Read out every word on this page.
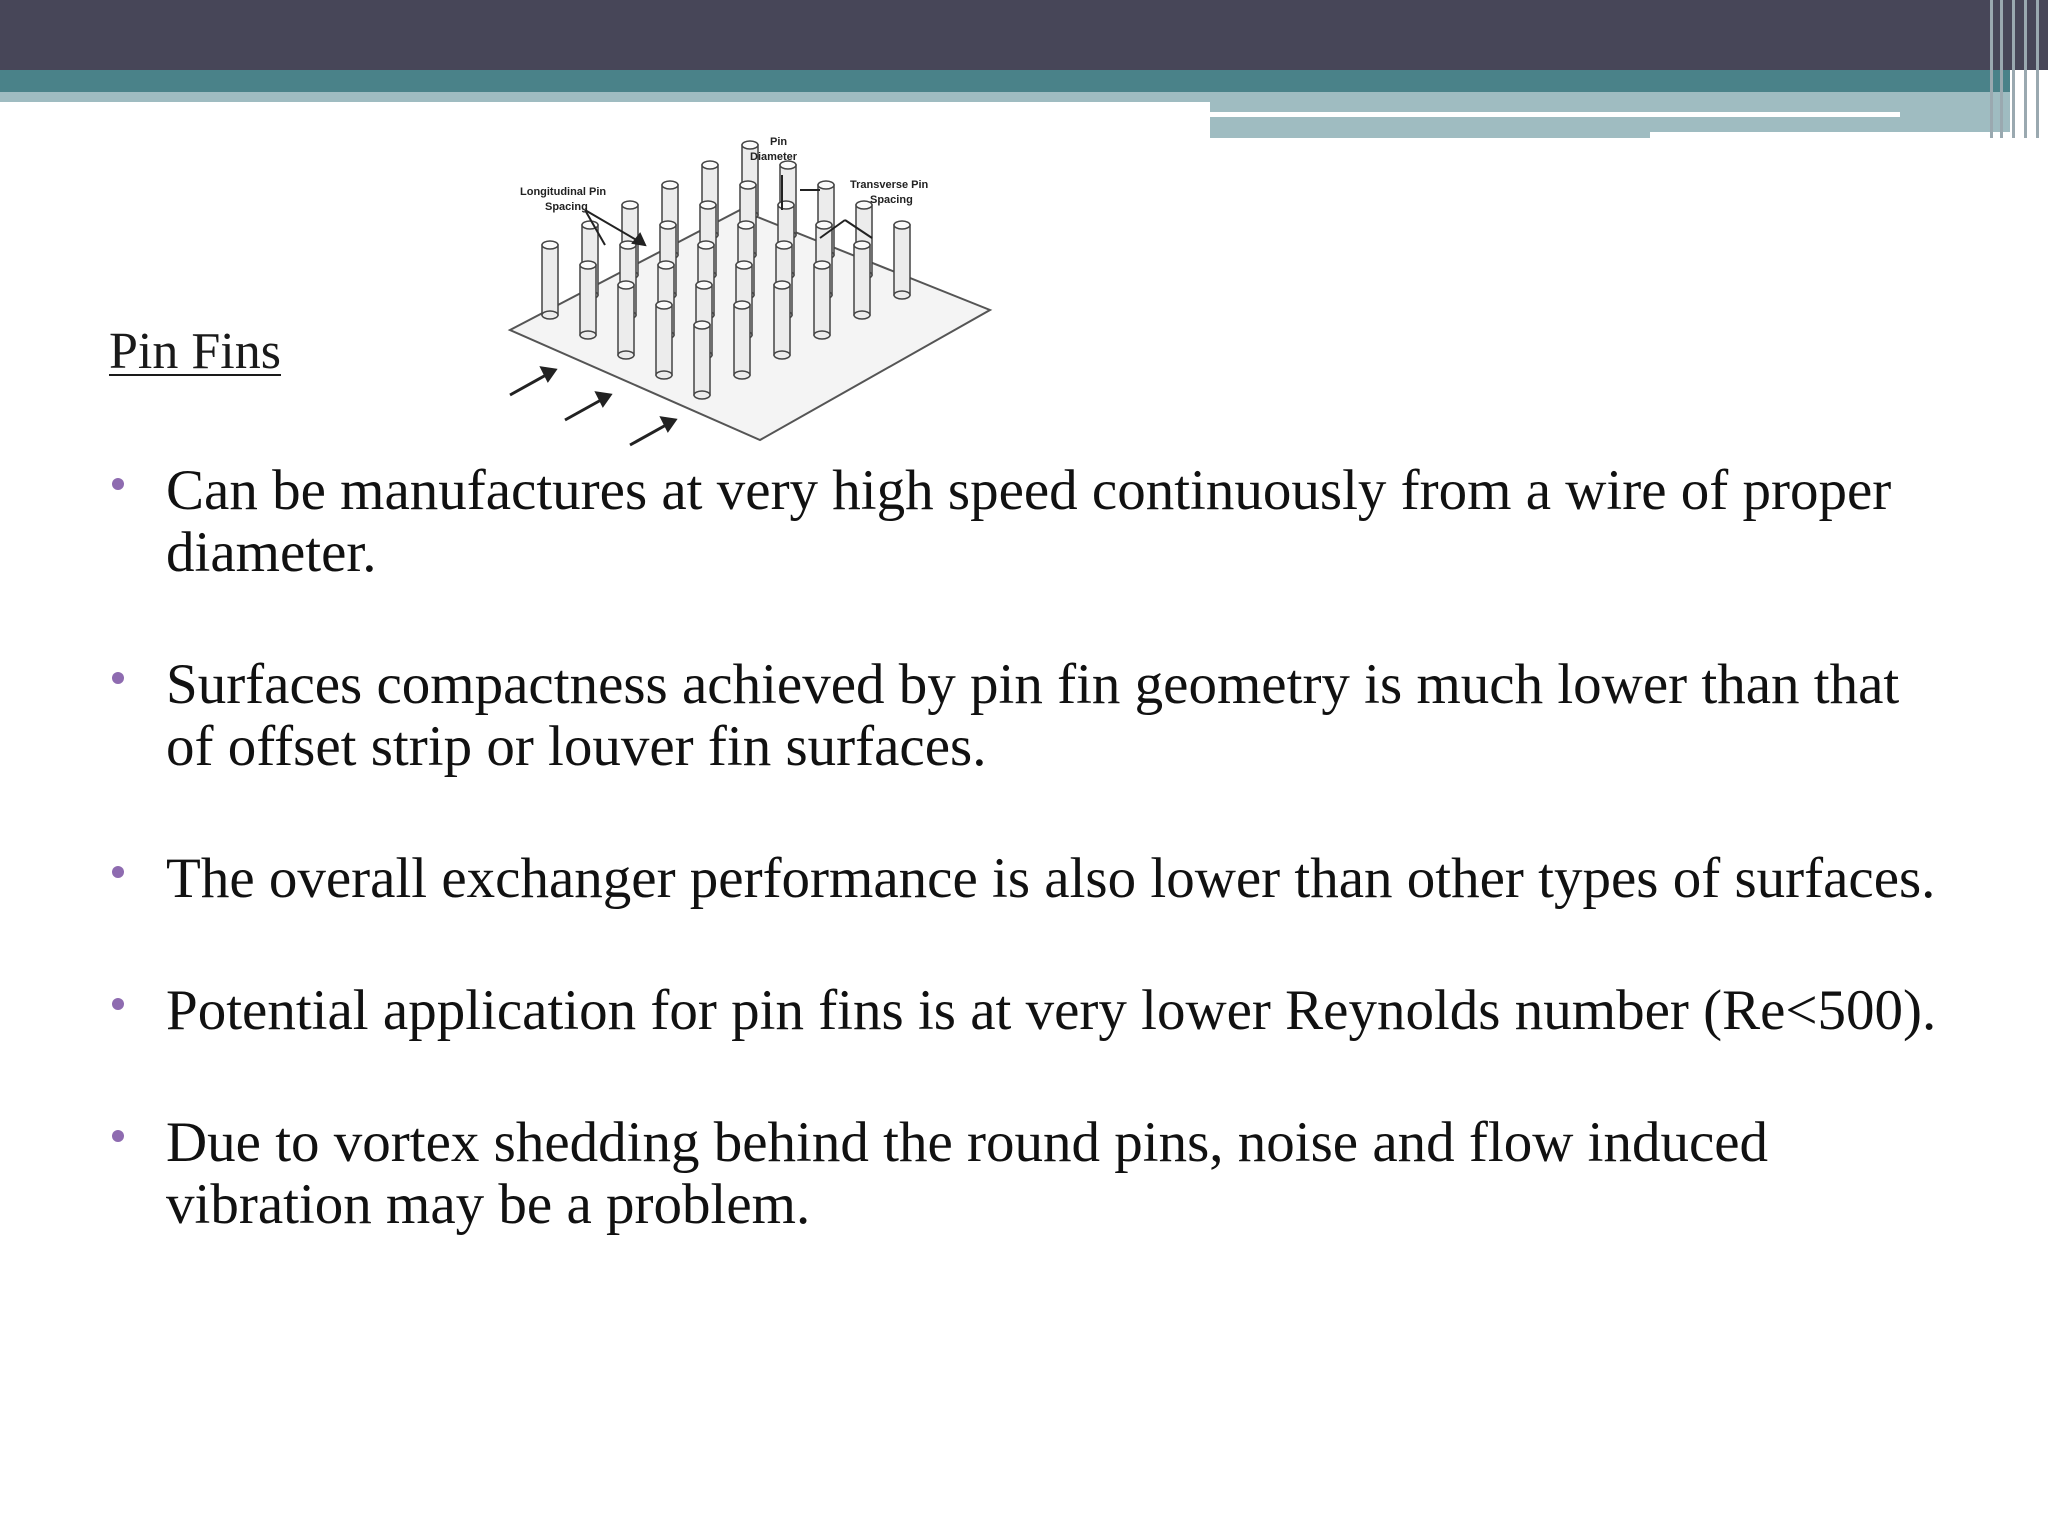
Pin Fins
Longitudinal Pin
Spacing
Pin
Diameter
Transverse Pin
Spacing
Can be manufactures at very high speed continuously from a wire of proper diameter.
Surfaces compactness achieved by pin fin geometry is much lower than that of offset strip or louver fin surfaces.
The overall exchanger performance is also lower than other types of surfaces.
Potential application for pin fins is at very lower Reynolds number (Re<500).
Due to vortex shedding behind the round pins, noise and flow induced vibration may be a problem.
